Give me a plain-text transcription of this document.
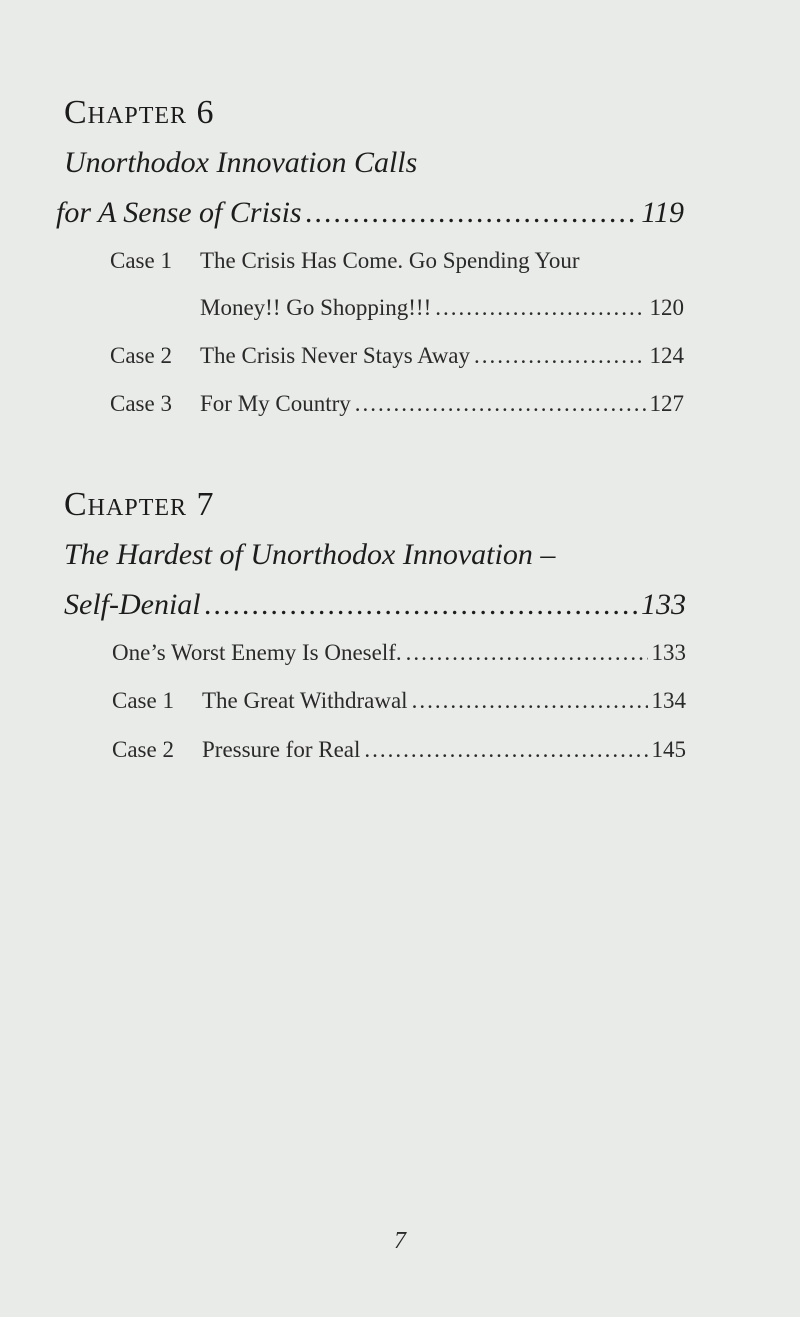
Chapter 6
Unorthodox Innovation Calls
for A Sense of Crisis .....	119
Case 1 The Crisis Has Come. Go Spending Your
Money!! Go Shopping!!! .....	120
Case 2	The Crisis Never Stays Away .....	124
Case 3	For My Country .....	127
Chapter 7
The Hardest of Unorthodox Innovation –
Self-Denial .....	133
One’s Worst Enemy Is Oneself. .....	133
Case 1	The Great Withdrawal .....	134
Case 2	Pressure for Real .....	145
7
